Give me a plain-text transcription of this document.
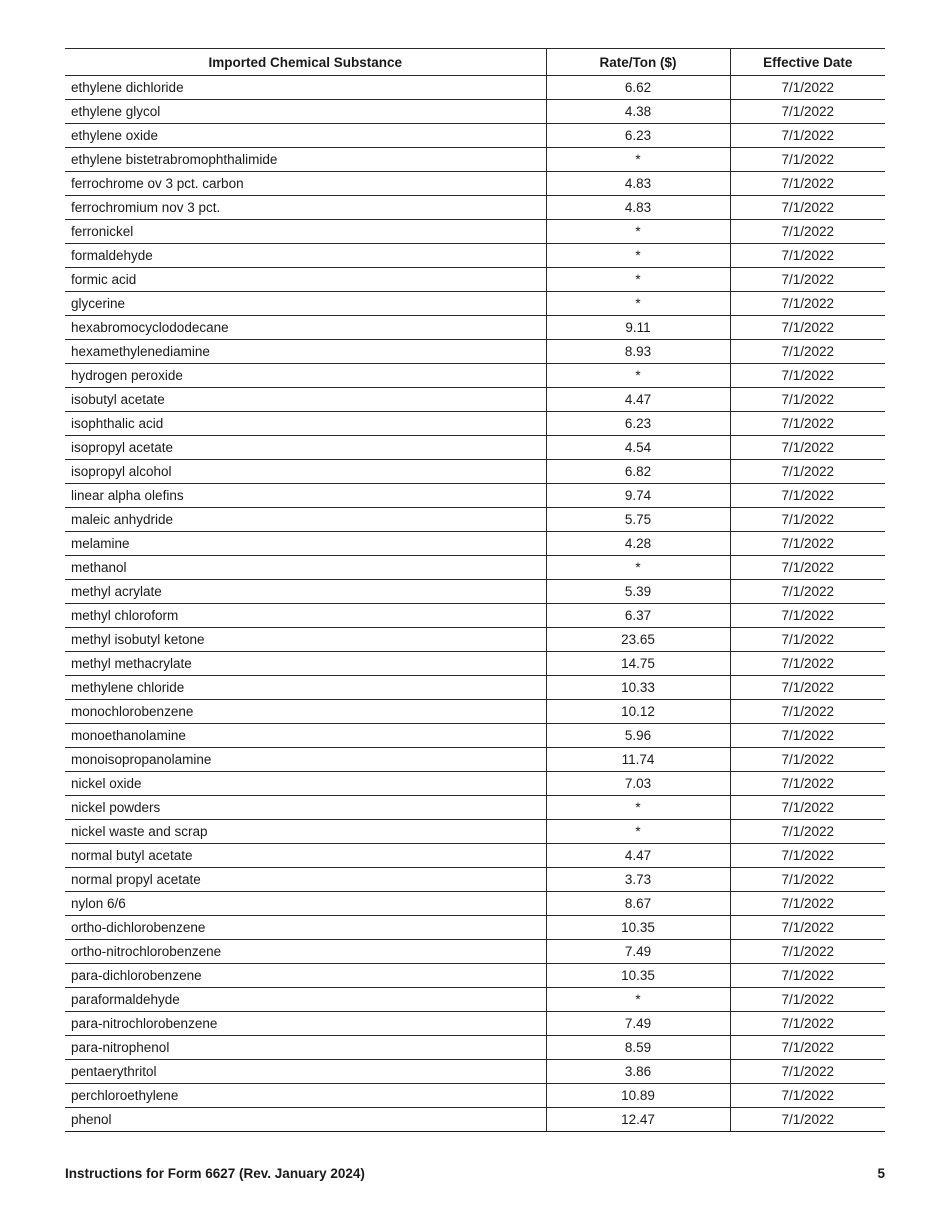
Imported Chemical Substance	Rate/Ton ($)	Effective Date
ethylene dichloride	6.62	7/1/2022
ethylene glycol	4.38	7/1/2022
ethylene oxide	6.23	7/1/2022
ethylene bistetrabromophthalimide	*	7/1/2022
ferrochrome ov 3 pct. carbon	4.83	7/1/2022
ferrochromium nov 3 pct.	4.83	7/1/2022
ferronickel	*	7/1/2022
formaldehyde	*	7/1/2022
formic acid	*	7/1/2022
glycerine	*	7/1/2022
hexabromocyclododecane	9.11	7/1/2022
hexamethylenediamine	8.93	7/1/2022
hydrogen peroxide	*	7/1/2022
isobutyl acetate	4.47	7/1/2022
isophthalic acid	6.23	7/1/2022
isopropyl acetate	4.54	7/1/2022
isopropyl alcohol	6.82	7/1/2022
linear alpha olefins	9.74	7/1/2022
maleic anhydride	5.75	7/1/2022
melamine	4.28	7/1/2022
methanol	*	7/1/2022
methyl acrylate	5.39	7/1/2022
methyl chloroform	6.37	7/1/2022
methyl isobutyl ketone	23.65	7/1/2022
methyl methacrylate	14.75	7/1/2022
methylene chloride	10.33	7/1/2022
monochlorobenzene	10.12	7/1/2022
monoethanolamine	5.96	7/1/2022
monoisopropanolamine	11.74	7/1/2022
nickel oxide	7.03	7/1/2022
nickel powders	*	7/1/2022
nickel waste and scrap	*	7/1/2022
normal butyl acetate	4.47	7/1/2022
normal propyl acetate	3.73	7/1/2022
nylon 6/6	8.67	7/1/2022
ortho-dichlorobenzene	10.35	7/1/2022
ortho-nitrochlorobenzene	7.49	7/1/2022
para-dichlorobenzene	10.35	7/1/2022
paraformaldehyde	*	7/1/2022
para-nitrochlorobenzene	7.49	7/1/2022
para-nitrophenol	8.59	7/1/2022
pentaerythritol	3.86	7/1/2022
perchloroethylene	10.89	7/1/2022
phenol	12.47	7/1/2022
Instructions for Form 6627 (Rev. January 2024)	5
